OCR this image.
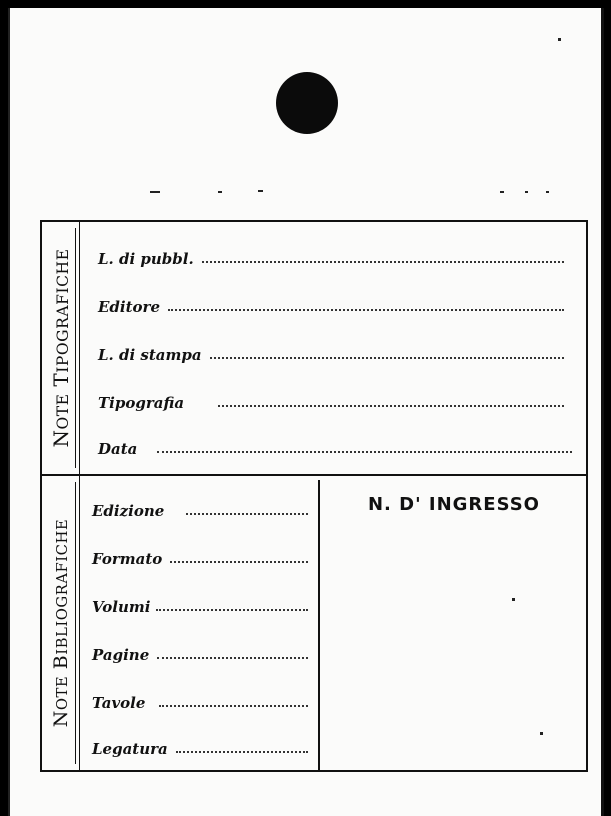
NOTE TIPOGRAFICHE L. di pubbl.
Editore
L. di stampa
Tipografia
Data
NOTE BIBLIOGRAFICHE
Edizione
Formato
Volumi
Pagine
Tavole
Legatura
N. D' INGRESSO
